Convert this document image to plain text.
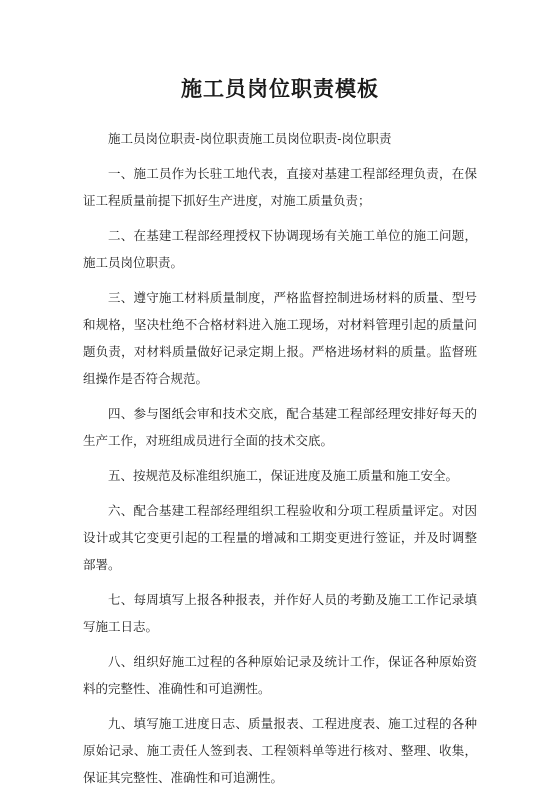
施工员岗位职责模板

施工员岗位职责-岗位职责施工员岗位职责-岗位职责

一、施工员作为长驻工地代表，直接对基建工程部经理负责，在保证工程质量前提下抓好生产进度，对施工质量负责；

二、在基建工程部经理授权下协调现场有关施工单位的施工问题，施工员岗位职责。

三、遵守施工材料质量制度，严格监督控制进场材料的质量、型号和规格，坚决杜绝不合格材料进入施工现场，对材料管理引起的质量问题负责，对材料质量做好记录定期上报。严格进场材料的质量。监督班组操作是否符合规范。

四、参与图纸会审和技术交底，配合基建工程部经理安排好每天的生产工作，对班组成员进行全面的技术交底。

五、按规范及标准组织施工，保证进度及施工质量和施工安全。

六、配合基建工程部经理组织工程验收和分项工程质量评定。对因设计或其它变更引起的工程量的增减和工期变更进行签证，并及时调整部署。

七、每周填写上报各种报表，并作好人员的考勤及施工工作记录填写施工日志。

八、组织好施工过程的各种原始记录及统计工作，保证各种原始资料的完整性、准确性和可追溯性。

九、填写施工进度日志、质量报表、工程进度表、施工过程的各种原始记录、施工责任人签到表、工程领料单等进行核对、整理、收集，保证其完整性、准确性和可追溯性。
